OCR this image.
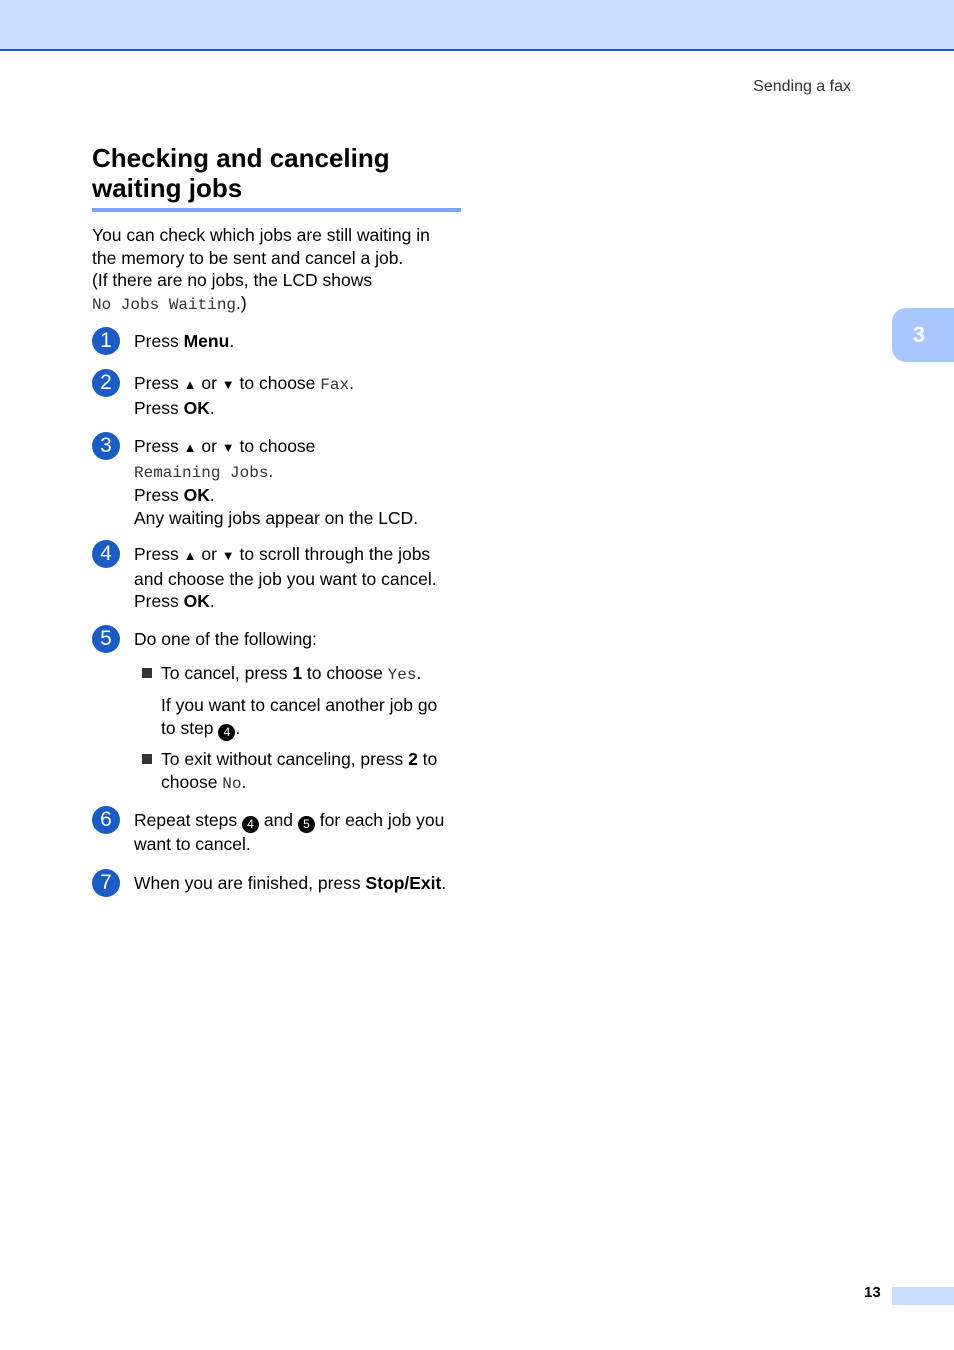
Sending a fax
3
Checking and canceling
waiting jobs
You can check which jobs are still waiting in
the memory to be sent and cancel a job.
(If there are no jobs, the LCD shows
No Jobs Waiting.)
1	Press Menu.
2	Press ▲ or ▼ to choose Fax.
Press OK.
3	Press ▲ or ▼ to choose
Remaining Jobs.
Press OK.
Any waiting jobs appear on the LCD.
4	Press ▲ or ▼ to scroll through the jobs
and choose the job you want to cancel.
Press OK.
5	Do one of the following:
To cancel, press 1 to choose Yes.
If you want to cancel another job go
to step 4 .
To exit without canceling, press 2 to
choose No.
6	Repeat steps 4 and 5 for each job you
want to cancel.
7	When you are finished, press Stop/Exit.
13
